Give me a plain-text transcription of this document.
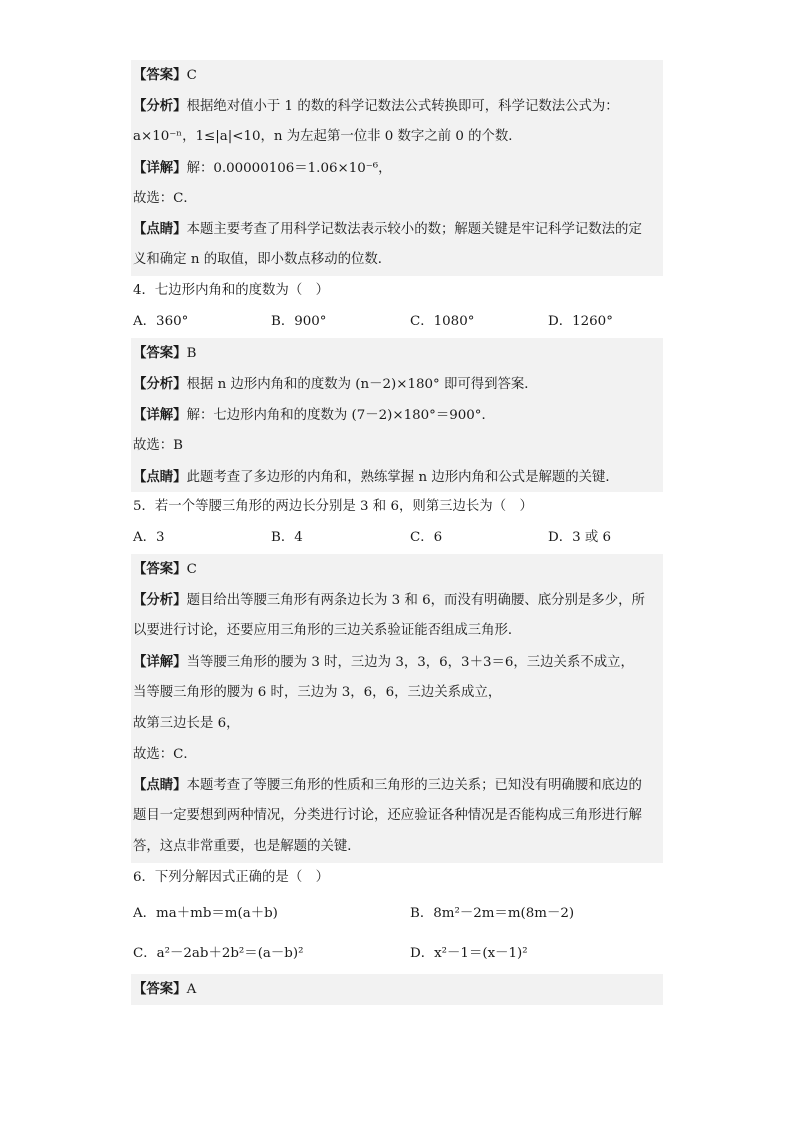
【答案】C
【分析】根据绝对值小于 1 的数的科学记数法公式转换即可，科学记数法公式为：
a×10⁻ⁿ，1≤|a|<10，n 为左起第一位非 0 数字之前 0 的个数．
【详解】解：0.00000106＝1.06×10⁻⁶，
故选：C．
【点睛】本题主要考查了用科学记数法表示较小的数；解题关键是牢记科学记数法的定
义和确定 n 的取值，即小数点移动的位数．
4．七边形内角和的度数为（　）
A．360°	B．900°	C．1080°	D．1260°
【答案】B
【分析】根据 n 边形内角和的度数为 (n－2)×180° 即可得到答案．
【详解】解：七边形内角和的度数为 (7－2)×180°＝900°．
故选：B
【点睛】此题考查了多边形的内角和，熟练掌握 n 边形内角和公式是解题的关键．
5．若一个等腰三角形的两边长分别是 3 和 6，则第三边长为（　）
A．3	B．4	C．6	D．3 或 6
【答案】C
【分析】题目给出等腰三角形有两条边长为 3 和 6，而没有明确腰、底分别是多少，所
以要进行讨论，还要应用三角形的三边关系验证能否组成三角形．
【详解】当等腰三角形的腰为 3 时，三边为 3，3，6，3＋3＝6，三边关系不成立，
当等腰三角形的腰为 6 时，三边为 3，6，6，三边关系成立，
故第三边长是 6，
故选：C．
【点睛】本题考查了等腰三角形的性质和三角形的三边关系；已知没有明确腰和底边的
题目一定要想到两种情况，分类进行讨论，还应验证各种情况是否能构成三角形进行解
答，这点非常重要，也是解题的关键．
6．下列分解因式正确的是（　）
A．ma＋mb＝m(a＋b)	B．8m²－2m＝m(8m－2)
C．a²－2ab＋2b²＝(a－b)²	D．x²－1＝(x－1)²
【答案】A
